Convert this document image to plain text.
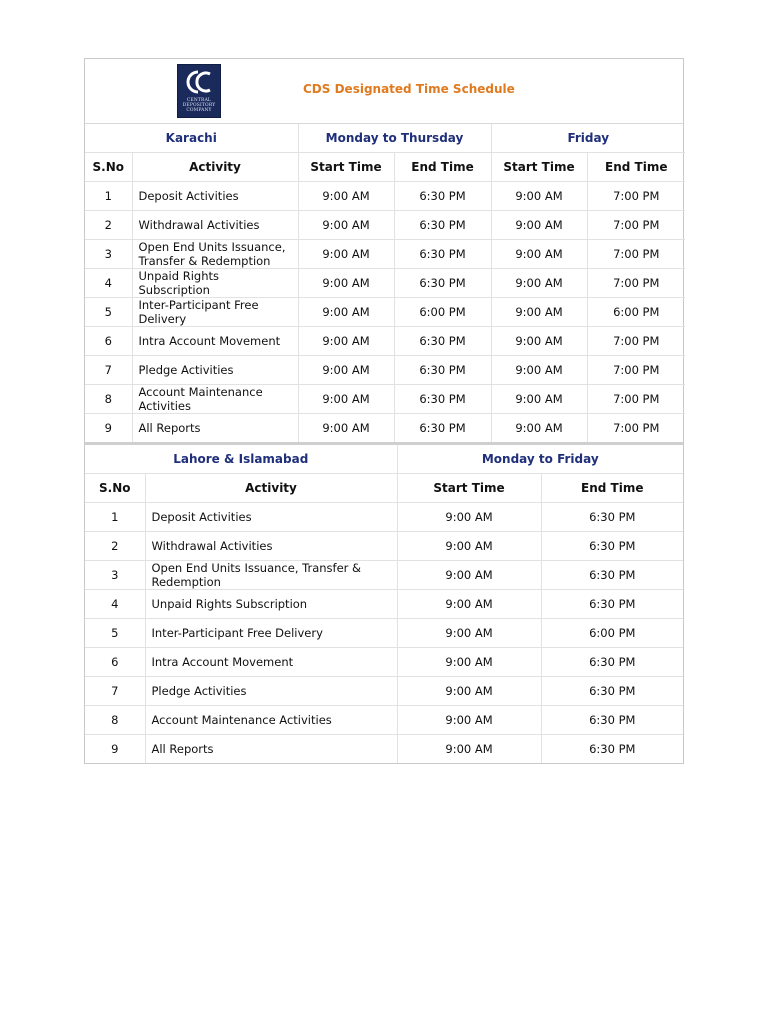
CENTRAL
DEPOSITORY
COMPANY
CDS Designated Time Schedule
Karachi		Monday to Thursday		Friday	
S.No	Activity	Start Time	End Time	Start Time	End Time
1	Deposit Activities	9:00 AM	6:30 PM	9:00 AM	7:00 PM
2	Withdrawal Activities	9:00 AM	6:30 PM	9:00 AM	7:00 PM
3	Open End Units Issuance, Transfer & Redemption	9:00 AM	6:30 PM	9:00 AM	7:00 PM
4	Unpaid Rights Subscription	9:00 AM	6:30 PM	9:00 AM	7:00 PM
5	Inter-Participant Free Delivery	9:00 AM	6:00 PM	9:00 AM	6:00 PM
6	Intra Account Movement	9:00 AM	6:30 PM	9:00 AM	7:00 PM
7	Pledge Activities	9:00 AM	6:30 PM	9:00 AM	7:00 PM
8	Account Maintenance Activities	9:00 AM	6:30 PM	9:00 AM	7:00 PM
9	All Reports	9:00 AM	6:30 PM	9:00 AM	7:00 PM
Lahore & Islamabad		Monday to Friday	
S.No	Activity	Start Time	End Time
1	Deposit Activities	9:00 AM	6:30 PM
2	Withdrawal Activities	9:00 AM	6:30 PM
3	Open End Units Issuance, Transfer & Redemption	9:00 AM	6:30 PM
4	Unpaid Rights Subscription	9:00 AM	6:30 PM
5	Inter-Participant Free Delivery	9:00 AM	6:00 PM
6	Intra Account Movement	9:00 AM	6:30 PM
7	Pledge Activities	9:00 AM	6:30 PM
8	Account Maintenance Activities	9:00 AM	6:30 PM
9	All Reports	9:00 AM	6:30 PM
